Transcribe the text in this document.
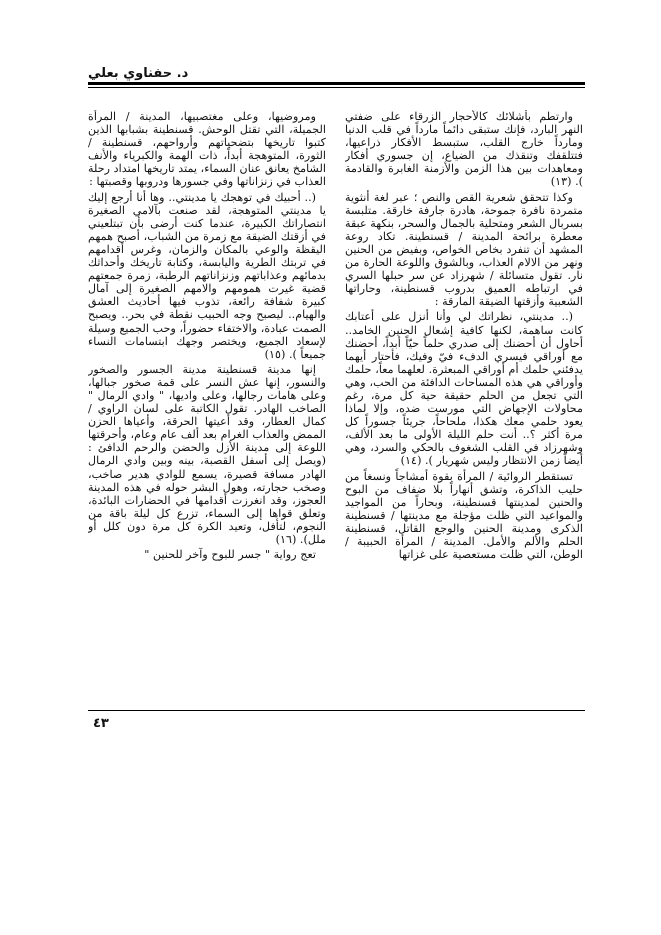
د. حفناوي بعلي

وارتطم بأشلائك كالأحجار الزرقاء على ضفتي النهر البارد، فإنك ستبقى دائماً مارداً في قلب الدنيا ومارداً خارج القلب، ستبسط الأفكار ذراعيها، فتتلقفك وتنقذك من الضياع، إن جسوري أفكار ومعاهدات بين هذا الزمن والأزمنة الغابرة والقادمة ). (١٣)

وكذا تتحقق شعرية القص والنص ؛ عبر لغة أنثوية متمردة نافرة جموحة، هادرة جارفة خارقة. متلبسة بسربال الشعر ومتحلية بالجمال والسحر، بنكهة عبقة معطرة برائحة المدينة / قسنطينة. تكاد روعة المشهد أن تنفرد بخاص الخواص، وبفيض من الحنين ونهر من الالام العذاب، وبالشوق واللوعة الحارة من نار. تقول متسائلة / شهرزاد عن سر حبلها السري في ارتباطه العميق بدروب قسنطينة، وحاراتها الشعبية وأزقتها الضيقة المارقة :

(.. مدينتي، نظراتك لي وأنا أنزل على أعتابك كانت ساهمة، لكنها كافية إشعال الحنين الخامد.. أحاول أن أحضنك إلى صدري حلماً حيّاً أبداً، أحضنك مع أوراقي فيسري الدفء فيّ وفيك، فأحتار أيهما يدفئني حلمك أم أوراقي المبعثرة. لعلهما معاً، حلمك وأوراقي هي هذه المساحات الدافئة من الحب، وهي التي تجعل من الحلم حقيقة حية كل مرة، رغم محاولات الإجهاض التي مورست ضده، وإلا لماذا يعود حلمي معك هكذا، ملحاحاً، جريئاً جسوراً كل مرة أكثر ؟.. أنت حلم الليلة الأولى ما بعد الألف، وشهرزاد في القلب الشغوف بالحكي والسرد، وهي أيضاً زمن الانتظار وليس شهريار ). (١٤)

تستقطر الروائية / المرأة بقوة أمشاجاً ونسغاً من حليب الذاكرة، وتشق أنهاراً بلا ضفاف من البوح والحنين لمدينتها قسنطينة، وبحاراً من المواجيد والمواعيد التي ظلت مؤجلة مع مدينتها / قسنطينة الذكرى ومدينة الحنين والوجع القاتل، قسنطينة الحلم والألم والأمل. المدينة / المرأة الحبيبة / الوطن، التي ظلت مستعصية على غزاتها

ومروضيها، وعلى مغتصبيها، المدينة / المرأة الجميلة، التي تقتل الوحش. قسنطينة بشبابها الذين كتبوا تاريخها بتضحياتهم وأرواحهم، قسنطينة / الثورة، المتوهجة أبداً، ذات الهمة والكبرياء والأنف الشامخ يعانق عنان السماء، يمتد تاريخها امتداد رحلة العذاب في زنزاناتها وفي جسورها ودروبها وقصبتها :

(.. أحبيك في توهجك يا مدينتي.. وها أنا أرجع إليك يا مدينتي المتوهجة، لقد صنعت بآلامي الصغيرة انتصاراتك الكبيرة، عندما كنت أرضى بأن تبتلعيني في أزقتك الضيقة مع زمرة من الشباب، أصبح همهم اليقظة والوعي بالمكان والزمان، وغرس أقدامهم في تربتك الطرية واليابسة، وكتابة تاريخك وأحداثك بدمائهم وعذاباتهم وزنزاناتهم الرطبة، زمرة جمعتهم قضية غيرت همومهم والامهم الصغيرة إلى آمال كبيرة شفافة رائعة، تذوب فيها أحاديث العشق والهيام.. ليصبح وجه الحبيب نقطة في بحر.. ويصبح الصمت عبادة، والاختفاء حضوراً، وحب الجميع وسيلة لإسعاد الجميع، ويختصر وجهك ابتسامات النساء جميعاً ). (١٥)

إنها مدينة قسنطينة مدينة الجسور والصخور والنسور، إنها عش النسر على قمة صخور جبالها، وعلى هامات رجالها، وعلى واديها، " وادي الرمال " الصاخب الهادر. تقول الكاتبة على لسان الراوي / كمال العطار، وقد أعيتها الحرقة، وأعياها الحزن الممض والعذاب الغرام بعد ألف عام وعام، وأحرقتها اللوعة إلى مدينة الأزل والحضن والرحم الدافئ : (ويصل إلى أسفل القصبة، بينه وبين وادي الرمال الهادر مسافة قصيرة، يسمع للوادي هدير صاخب، وصخب حجارته، وهول البشر حوله في هذه المدينة العجوز، وقد انغرزت أقدامها في الحضارات البائدة، وتعلق قواها إلى السماء، تزرع كل ليلة باقة من النجوم، لتأفل، وتعيد الكرة كل مرة دون كلل أو ملل). (١٦)

تعج رواية " جسر للبوح وآخر للحنين "

٤٣
